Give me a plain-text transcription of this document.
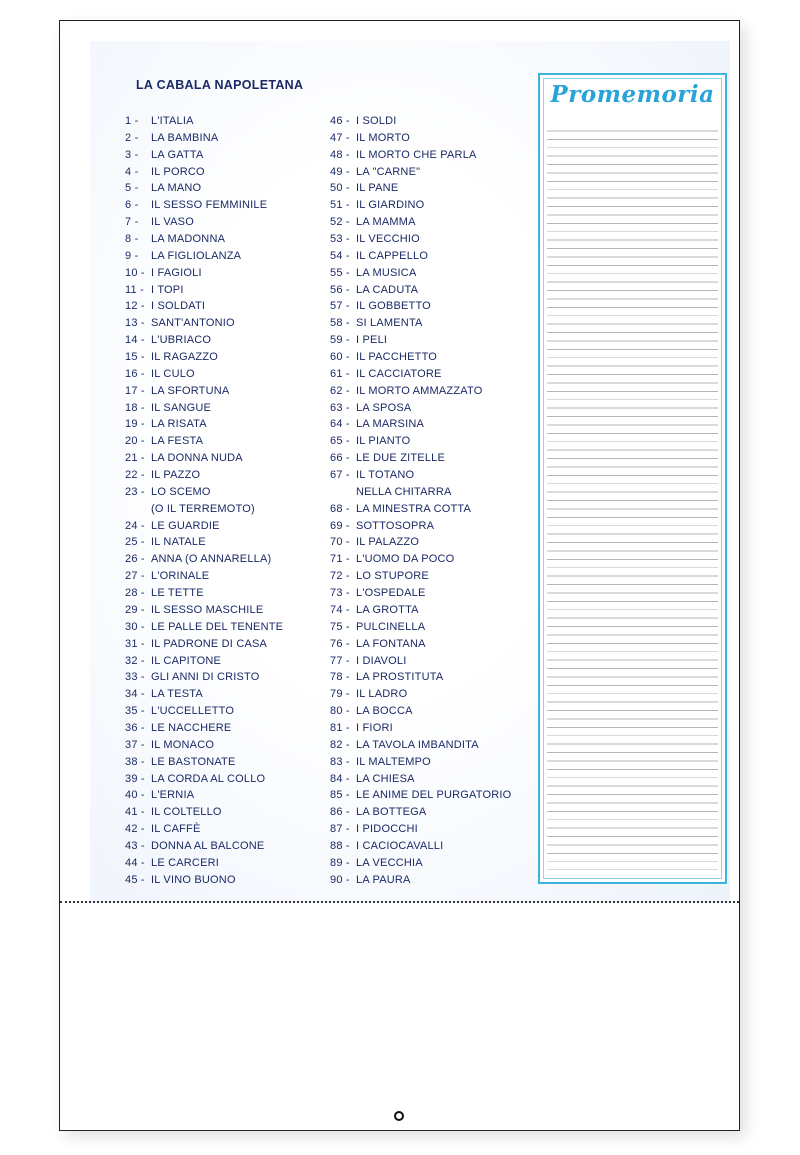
LA CABALA NAPOLETANA
1 -	L'ITALIA
2 -	LA BAMBINA
3 -	LA GATTA
4 -	IL PORCO
5 -	LA MANO
6 -	IL SESSO FEMMINILE
7 -	IL VASO
8 -	LA MADONNA
9 -	LA FIGLIOLANZA
10 - I FAGIOLI
11 - I TOPI
12 - I SOLDATI
13 - SANT'ANTONIO
14 - L'UBRIACO
15 - IL RAGAZZO
16 - IL CULO
17 - LA SFORTUNA
18 - IL SANGUE
19 - LA RISATA
20 - LA FESTA
21 - LA DONNA NUDA
22 - IL PAZZO
23 - LO SCEMO
(O IL TERREMOTO)
24 - LE GUARDIE
25 - IL NATALE
26 - ANNA (O ANNARELLA)
27 - L'ORINALE
28 - LE TETTE
29 - IL SESSO MASCHILE
30 - LE PALLE DEL TENENTE
31 - IL PADRONE DI CASA
32 - IL CAPITONE
33 - GLI ANNI DI CRISTO
34 - LA TESTA
35 - L'UCCELLETTO
36 - LE NACCHERE
37 - IL MONACO
38 - LE BASTONATE
39 - LA CORDA AL COLLO
40 - L'ERNIA
41 - IL COLTELLO
42 - IL CAFFÈ
43 - DONNA AL BALCONE
44 - LE CARCERI
45 - IL VINO BUONO
46 - I SOLDI
47 - IL MORTO
48 - IL MORTO CHE PARLA
49 - LA "CARNE"
50 - IL PANE
51 - IL GIARDINO
52 - LA MAMMA
53 - IL VECCHIO
54 - IL CAPPELLO
55 - LA MUSICA
56 - LA CADUTA
57 - IL GOBBETTO
58 - SI LAMENTA
59 - I PELI
60 - IL PACCHETTO
61 - IL CACCIATORE
62 - IL MORTO AMMAZZATO
63 - LA SPOSA
64 - LA MARSINA
65 - IL PIANTO
66 - LE DUE ZITELLE
67 - IL TOTANO
NELLA CHITARRA
68 - LA MINESTRA COTTA
69 - SOTTOSOPRA
70 - IL PALAZZO
71 - L'UOMO DA POCO
72 - LO STUPORE
73 - L'OSPEDALE
74 - LA GROTTA
75 - PULCINELLA
76 - LA FONTANA
77 - I DIAVOLI
78 - LA PROSTITUTA
79 - IL LADRO
80 - LA BOCCA
81 - I FIORI
82 - LA TAVOLA IMBANDITA
83 - IL MALTEMPO
84 - LA CHIESA
85 - LE ANIME DEL PURGATORIO
86 - LA BOTTEGA
87 - I PIDOCCHI
88 - I CACIOCAVALLI
89 - LA VECCHIA
90 - LA PAURA
Promemoria
